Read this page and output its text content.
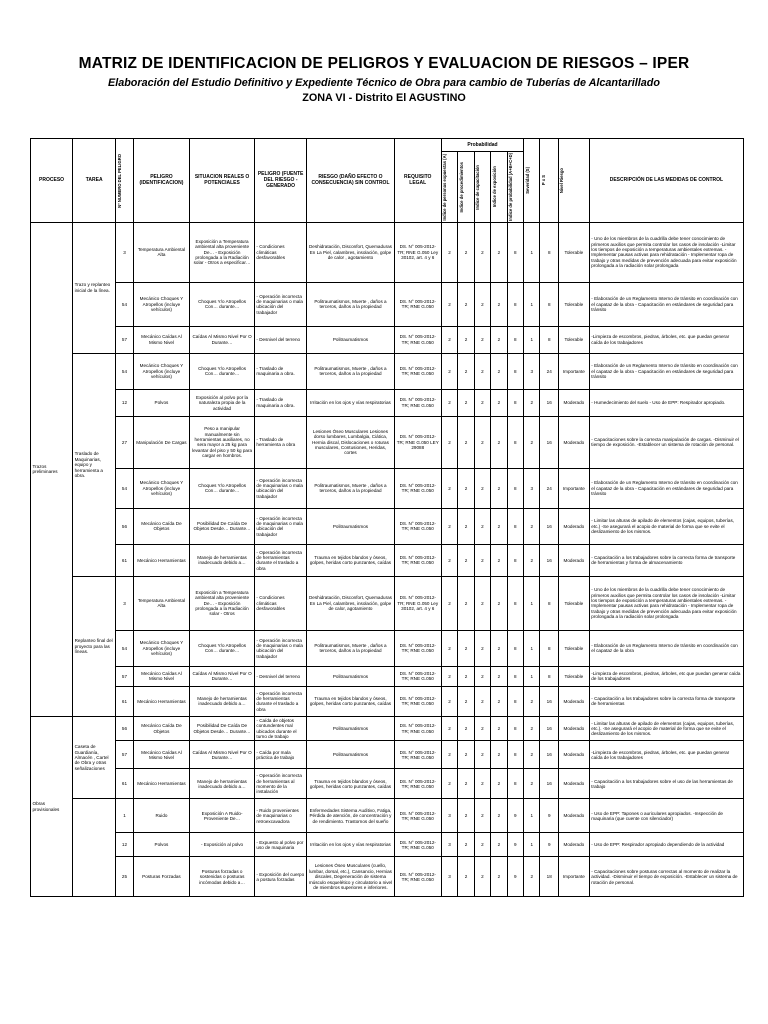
MATRIZ DE IDENTIFICACION DE PELIGROS Y EVALUACION DE RIESGOS – IPER
Elaboración del Estudio Definitivo y Expediente Técnico de Obra para cambio de Tuberías de Alcantarillado
ZONA VI - Distrito El AGUSTINO
PROCESO	TAREA	Nº NUMERO DEL PELIGRO	PELIGRO (IDENTIFICACION)	SITUACION REALES O POTENCIALES	PELIGRO (FUENTE DEL RIESGO - GENERADO	RIESGO (DAÑO EFECTO O CONSECUENCIA) SIN CONTROL	REQUISITO LEGAL	Probabilidad					Severidad (S)	P x S	Nivel Riesgo	DESCRIPCIÓN DE LAS MEDIDAS DE CONTROL

								Indice de personas expuestas (A)	Indice de procedimientos	Indice de capacitación	Indice de exposición	Indice de probabilidad (A+B+C+D)				

Trazos preliminares	Trazo y replanteo inicial de la línea.	3	Temperatura Ambiental Alta	Exposición a Temperatura ambiental alta proveniente De… - Exposición prolongada a la Radiación solar - Otros a especificar…	- Condiciones climáticas desfavorables	Deshidratación, Disconfort, Quemaduras En La Piel, calambres, insolación, golpe de calor , agotamiento	DS. N° 005-2012- TR; RNE G.050 Ley 30102, art. 4 y 6	2	2	2	2	8	1	8	Tolerable	- Uno de los miembros de la cuadrilla debe tener conocimiento de primeros auxilios que permita controlar los casos de insolación -Limitar los tiempos de exposición a temperaturas ambientales extremas. - Implementar pausas activas para rehidratación - Implementar ropa de trabajo y otras medidas de prevención adecuada para evitar exposición prolongada a la radiación solar prolongada
		54	Mecánico Choques Y Atropellos (incluye vehículos)	Choques Y/o Atropellos Con… durante…	- Operación incorrecta de maquinarias o mala ubicación del trabajador	Politraumatismos, Muerte , daños a terceros, daños a la propiedad	DS. N° 005-2012- TR; RNE G.050	2	2	2	2	8	1	8	Tolerable	- Elaboración de un Reglamento Interno de tránsito en coordinación con el capataz de la obra - Capacitación en estándares de seguridad para tránsito
		57	Mecánico Caídas Al Mismo Nivel	Caídas Al Mismo Nivel Por O Durante…	- Desnivel del terreno	Politraumatismos	DS. N° 005-2012- TR; RNE G.050	2	2	2	2	8	1	8	Tolerable	-Limpieza de escombros, piedras, árboles, etc. que puedan generar caída de los trabajadores
	Traslado de Maquinarias, equipo y herramienta a obra.	54	Mecánico Choques Y Atropellos (incluye vehículos)	Choques Y/o Atropellos Con… durante…	- Traslado de maquinaria a obra.	Politraumatismos, Muerte , daños a terceros, daños a la propiedad	DS. N° 005-2012- TR; RNE G.050	2	2	2	2	8	3	24	Importante	- Elaboración de un Reglamento Interno de tránsito en coordinación con el capataz de la obra - Capacitación en estándares de seguridad para tránsito
		12	Polvos	Exposición al polvo por la naturaleza propia de la actividad	- Traslado de maquinaria a obra.	Irritación en los ojos y vías respiratorias	DS. N° 005-2012- TR; RNE G.050	2	2	2	2	8	2	16	Moderado	- Humedecimiento del suelo - Uso de EPP: Respirador apropiado.
		27	Manipulación De Cargas	Peso a manipular manualmente sin herramientas auxiliares, no sera mayor a 25 kg para levantar del piso y 50 kg para cargar en hombros.	- Traslado de herramienta a obra	Lesiones Óseo Musculares Lesiones dorso lumbares, Lumbalgia, Ciática, Hernia discal, Dislocaciones o roturas musculares, Contusiones, Heridas, cortes	DS. N° 005-2012- TR; RNE G.050 LEY 29088	2	2	2	2	8	2	16	Moderado	- Capacitaciones sobre la correcta manipulación de cargas. -Disminuir el tiempo de exposición. -Establecer un sistema de rotación de personal.
		54	Mecánico Choques Y Atropellos (incluye vehículos)	Choques Y/o Atropellos Con… durante…	- Operación incorrecta de maquinarias o mala ubicación del trabajador	Politraumatismos, Muerte , daños a terceros, daños a la propiedad	DS. N° 005-2012- TR; RNE G.050	2	2	2	2	8	3	24	Importante	- Elaboración de un Reglamento Interno de tránsito en coordinación con el capataz de la obra - Capacitación en estándares de seguridad para tránsito
		56	Mecánico Caída De Objetos	Posibilidad De Caída De Objetos Desde… Durante…	- Operación incorrecta de maquinarias o mala ubicación del trabajador	Politraumatismos	DS. N° 005-2012- TR; RNE G.050	2	2	2	2	8	2	16	Moderado	- Limitar las alturas de apilado de elementos (cajas, equipos, tuberías, etc.) -Se asegurará el acopio de material de forma que se evite el deslizamiento de los mismos.
		61	Mecánico Herramientas	Manejo de herramientas inadecuado debido a…	- Operación incorrecta de herramientas durante el traslado a obra	Trauma en tejidos blandos y óseos, golpes, heridas corto punzantes, caídas	DS. N° 005-2012- TR; RNE G.050	2	2	2	2	8	2	16	Moderado	- Capacitación a los trabajadores sobre la correcta forma de transporte de herramientas y forma de almacenamiento
	Replanteo final del proyecto para las líneas.	3	Temperatura Ambiental Alta	Exposición a Temperatura ambiental alta proveniente De… - Exposición prolongada a la Radiación solar - Otros	- Condiciones climáticas desfavorables	Deshidratación, Disconfort, Quemaduras En La Piel, calambres, insolación, golpe de calor, agotamiento	DS. N° 005-2012- TR; RNE G.050 Ley 30102, art. 4 y 6	2	2	2	2	8	1	8	Tolerable	- Uno de los miembros de la cuadrilla debe tener conocimiento de primeros auxilios que permita controlar los casos de insolación -Limitar los tiempos de exposición a temperaturas ambientales extremas. - Implementar pausas activas para rehidratación - Implementar ropa de trabajo y otras medidas de prevención adecuada para evitar exposición prolongada a la radiación solar prolongada
		54	Mecánico Choques Y Atropellos (incluye vehículos)	Choques Y/o Atropellos Con… durante…	- Operación incorrecta de maquinarias o mala ubicación del trabajador	Politraumatismos, Muerte , daños a terceros, daños a la propiedad	DS. N° 005-2012- TR; RNE G.050	2	2	2	2	8	1	8	Tolerable	- Elaboración de un Reglamento Interno de tránsito en coordinación con el capataz de la obra
		57	Mecánico Caídas Al Mismo Nivel	Caídas Al Mismo Nivel Por O Durante…	- Desnivel del terreno	Politraumatismos	DS. N° 005-2012- TR; RNE G.050	2	2	2	2	8	1	8	Tolerable	-Limpieza de escombros, piedras, árboles, etc que puedan generar caída de los trabajadores
		61	Mecánico Herramientas	Manejo de herramientas inadecuado debido a…	- Operación incorrecta de herramientas durante el traslado a obra	Trauma en tejidos blandos y óseos, golpes, heridas corto punzantes, caídas	DS. N° 005-2012- TR; RNE G.050	2	2	2	2	8	2	16	Moderado	- Capacitación a los trabajadores sobre la correcta forma de transporte de herramientas
Obras provisionales	Caseta de Guardianía, Almacén , Cartel de Obra y otras señalizaciones	56	Mecánico Caída De Objetos	Posibilidad De Caída De Objetos Desde… Durante…	- Caída de objetos contundentes mal ubicados durante el turno de trabajo	Politraumatismos	DS. N° 005-2012- TR; RNE G.050	2	2	2	2	8	2	16	Moderado	- Limitar las alturas de apilado de elementos (cajas, equipos, tuberías, etc.). -Se asegurará el acopio de material de forma que se evite el deslizamiento de los mismos.
		57	Mecánico Caídas Al Mismo Nivel	Caídas Al Mismo Nivel Por O Durante…	- Caída por mala práctica de trabajo	Politraumatismos	DS. N° 005-2012- TR; RNE G.050	2	2	2	2	8	2	16	Moderado	-Limpieza de escombros, piedras, árboles, etc. que puedan generar caída de los trabajadores
		61	Mecánico Herramientas	Manejo de herramientas inadecuado debido a…	- Operación incorrecta de herramientas al momento de la instalación	Trauma en tejidos blandos y óseos, golpes, heridas corto punzantes, caídas	DS. N° 005-2012- TR; RNE G.050	2	2	2	2	8	2	16	Moderado	- Capacitación a los trabajadores sobre el uso de las herramientas de trabajo
		1	Ruido	Exposición A Ruido- Proveniente De…	- Ruido provenientes de maquinarias o retroexcavadora	Enfermedades Sistema Auditivo, Fatiga, Pérdida de atención, de concentración y de rendimiento. Trastornos del sueño	DS. N° 005-2012- TR; RNE G.050	3	2	2	2	9	1	9	Moderado	- Uso de EPP: Tapones o auriculares apropiados. -Inspección de maquinaria (que cuente con silenciador)
		12	Polvos	- Exposición al polvo	- Expuesto al polvo por uso de maquinaria	Irritación en los ojos y vías respiratorias	DS. N° 005-2012- TR; RNE G.050	3	2	2	2	9	1	9	Moderado	- Uso de EPP: Respirador apropiado dependiendo de la actividad
		25	Posturas Forzadas	Posturas forzadas o sostenidas o posturas incómodas debido a…	- Exposición del cuerpo a postura forzadas	Lesiones Óseo Musculares (cuello, lumbar, dorsal, etc.), Cansancio, Hernias discales, Degeneración de sistema músculo esquelético y circulatorio a nivel de miembros superiores e inferiores.	DS. N° 005-2012- TR; RNE G.050	3	2	2	2	9	2	18	Importante	- Capacitaciones sobre posturas correctas al momento de realizar la actividad. -Disminuir el tiempo de exposición. -Establecer un sistema de rotación de personal.
